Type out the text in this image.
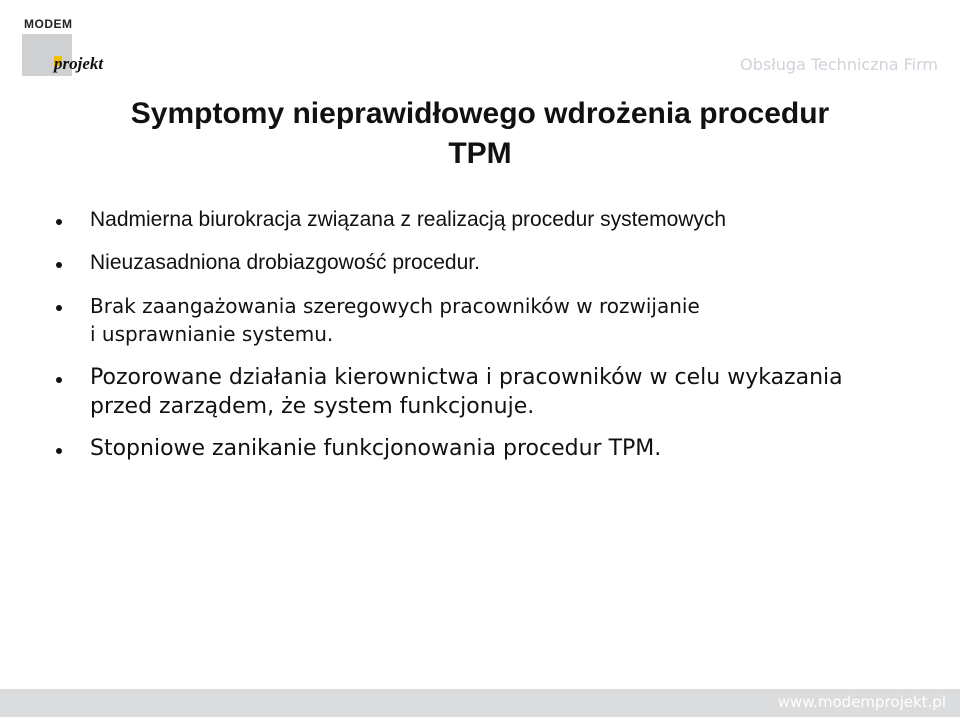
MODEM
projekt	Obsługa Techniczna Firm
Symptomy nieprawidłowego wdrożenia procedur
TPM
Nadmierna biurokracja związana z realizacją procedur systemowych
Nieuzasadniona drobiazgowość procedur.
Brak zaangażowania szeregowych pracowników w rozwijanie
i usprawnianie systemu.
Pozorowane działania kierownictwa i pracowników w celu wykazania
przed zarządem, że system funkcjonuje.
Stopniowe zanikanie funkcjonowania procedur TPM.
www.modemprojekt.pl
